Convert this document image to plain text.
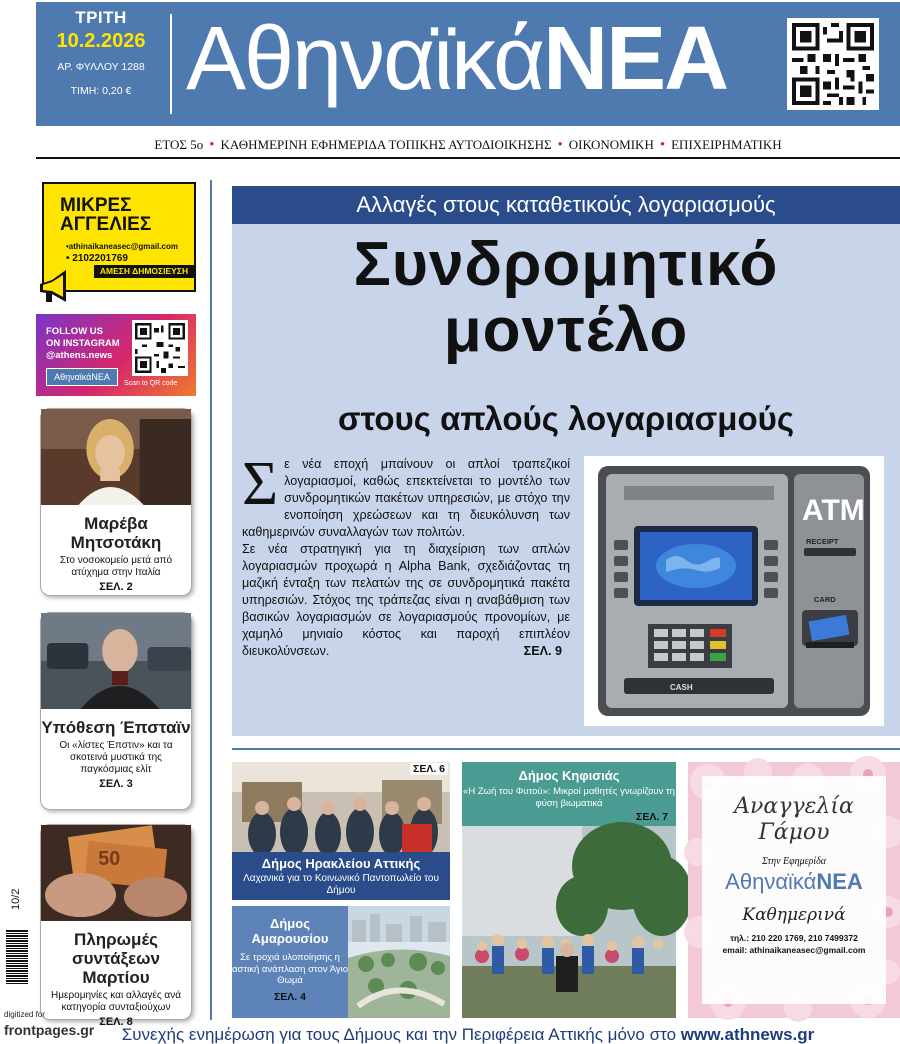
ΤΡΙΤΗ
10.2.2026
ΑΡ. ΦΥΛΛΟΥ 1288
ΤΙΜΗ: 0,20 € ΑθηναϊκάΝΕΑ
ΕΤΟΣ 5ο • ΚΑΘΗΜΕΡΙΝΗ ΕΦΗΜΕΡΙΔΑ ΤΟΠΙΚΗΣ ΑΥΤΟΔΙΟΙΚΗΣΗΣ • ΟΙΚΟΝΟΜΙΚΗ • ΕΠΙΧΕΙΡΗΜΑΤΙΚΗ
ΜΙΚΡΕΣ
ΑΓΓΕΛΙΕΣ
•athinaikaneasec@gmail.com
• 2102201769
ΑΜΕΣΗ ΔΗΜΟΣΙΕΥΣΗ
FOLLOW US
ON INSTAGRAM
@athens.news
ΑθηναϊκάΝΕΑ
Scan to QR code
Μαρέβα Μητσοτάκη
Στο νοσοκομείο μετά από ατύχημα στην Ιταλία
ΣΕΛ. 2
Υπόθεση Έπσταϊν
Οι «λίστες Έπστιν» και τα σκοτεινά μυστικά της παγκόσμιας ελίτ
ΣΕΛ. 3
50
Πληρωμές συντάξεων Μαρτίου
Ημερομηνίες και αλλαγές ανά κατηγορία συνταξιούχων
ΣΕΛ. 8
10/2
Αλλαγές στους καταθετικούς λογαριασμούς
Συνδρομητικό
μοντέλο
στους απλούς λογαριασμούς
Σ ε νέα εποχή μπαίνουν οι απλοί τραπεζικοί λογαριασμοί, καθώς επεκτείνεται το μοντέλο των συνδρομητικών πακέτων υπηρεσιών, με στόχο την ενοποίηση χρεώσεων και τη διευκόλυνση των καθημερινών συναλλαγών των πολιτών.
Σε νέα στρατηγική για τη διαχείριση των απλών λογαριασμών προχωρά η Alpha Bank, σχεδιάζοντας τη μαζική ένταξη των πελατών της σε συνδρομητικά πακέτα υπηρεσιών. Στόχος της τράπεζας είναι η αναβάθμιση των βασικών λογαριασμών σε λογαριασμούς προνομίων, με χαμηλό μηνιαίο κόστος και παροχή επιπλέον διευκολύνσεων.	ΣΕΛ. 9
CASH
ATM
RECEIPT
CARD
ΣΕΛ. 6
Δήμος Ηρακλείου Αττικής
Λαχανικά για το Κοινωνικό Παντοπωλείο του Δήμου
Δήμος Αμαρουσίου
Σε τροχιά υλοποίησης η αστική ανάπλαση στον Άγιο Θωμά
ΣΕΛ. 4
Δήμος Κηφισιάς
«Η Ζωή του Φυτού»: Μικροί μαθητές γνωρίζουν τη φύση βιωματικά
ΣΕΛ. 7	Αναγγελία
Γάμου
Στην Εφημερίδα
ΑθηναϊκάΝΕΑ
Καθημερινά
τηλ.: 210 220 1769, 210 7499372
email: athinaikaneasec@gmail.com
Συνεχής ενημέρωση για τους Δήμους και την Περιφέρεια Αττικής μόνο στο www.athnews.gr
digitized for
frontpages.gr
